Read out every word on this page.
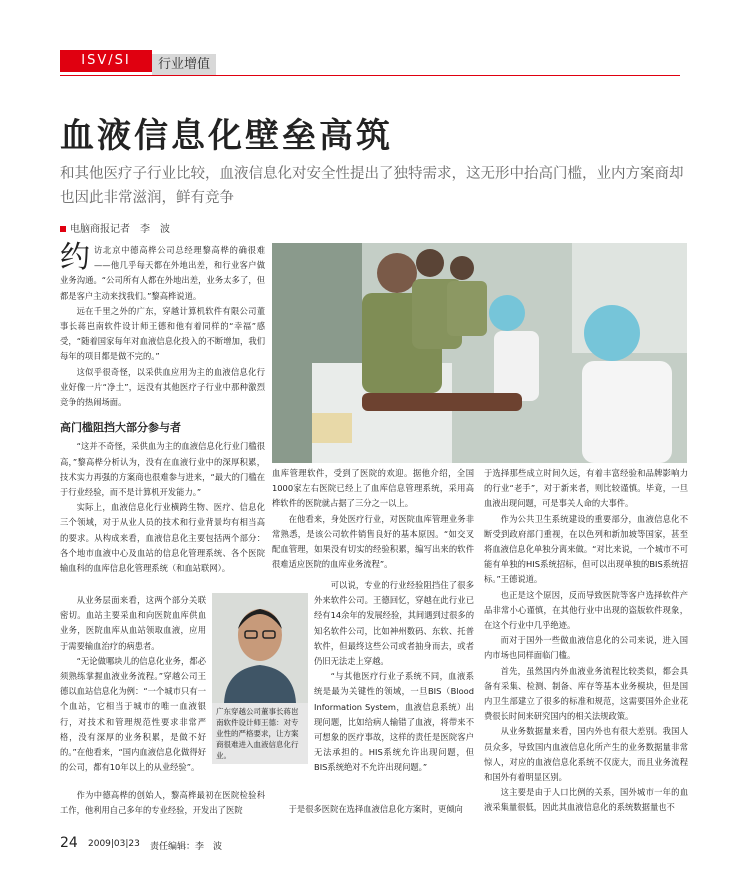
ISV/SI	行业增值
血液信息化壁垒高筑
和其他医疗子行业比较，血液信息化对安全性提出了独特需求，这无形中抬高门槛，业内方案商却也因此非常滋润，鲜有竞争
电脑商报记者　李　波

约访北京中德高桦公司总经理黎高桦的确很难——他几乎每天都在外地出差，和行业客户做业务沟通。“公司所有人都在外地出差，业务太多了，但都是客户主动来找我们。”黎高桦说道。

远在千里之外的广东，穿越计算机软件有限公司董事长蒋岜南软件设计师王德和他有着同样的“幸福”感受，“随着国家每年对血液信息化投入的不断增加，我们每年的项目都是做不完的。”

这似乎很奇怪，以采供血应用为主的血液信息化行业好像一片“净土”，远没有其他医疗子行业中那种激烈竞争的热闹场面。

高门槛阻挡大部分参与者

“这并不奇怪，采供血为主的血液信息化行业门槛很高，”黎高桦分析认为，没有在血液行业中的深厚积累，技术实力再强的方案商也很难参与进来，“最大的门槛在于行业经验，而不是计算机开发能力。”

实际上，血液信息化行业横跨生物、医疗、信息化三个领域，对于从业人员的技术和行业背景均有相当高的要求。从构成来看，血液信息化主要包括两个部分：各个地市血液中心及血站的信息化管理系统、各个医院输血科的血库信息化管理系统（和血站联网）。

从业务层面来看，这两个部分关联密切。血站主要采血和向医院血库供血业务，医院血库从血站领取血液，应用于需要输血治疗的病患者。

“无论做哪块儿的信息化业务，都必须熟练掌握血液业务流程。”穿越公司王德以血站信息化为例：“一个城市只有一个血站，它相当于城市的唯一血液银行，对技术和管理规范性要求非常严格，没有深厚的业务积累，是做不好的。”在他看来，“国内血液信息化做得好的公司，都有10年以上的从业经验”。

作为中德高桦的创始人，黎高桦最初在医院检验科工作，他利用自己多年的专业经验，开发出了医院

血库管理软件，受到了医院的欢迎。据他介绍，全国1000家左右医院已经上了血库信息管理系统，采用高桦软件的医院就占据了三分之一以上。

在他看来，身处医疗行业，对医院血库管理业务非常熟悉，是该公司软件销售良好的基本原因。“如交叉配血管理，如果没有切实的经验积累，编写出来的软件很难适应医院的血库业务流程”。

可以说，专业的行业经验阻挡住了很多外来软件公司。王德回忆，穿越在此行业已经有14余年的发展经验，其间遇到过很多的知名软件公司，比如神州数码、东软、托普软件，但最终这些公司或者抽身而去，或者仍旧无法走上穿越。

“与其他医疗行业子系统不同，血液系统是最为关键性的领域，一旦BIS（Blood Information System，血液信息系统）出现问题，比如给病人输错了血液，将带来不可想象的医疗事故，这样的责任是医院客户无法承担的。HIS系统允许出现问题，但BIS系统绝对不允许出现问题。”

于是很多医院在选择血液信息化方案时，更倾向

广东穿越公司董事长蒋岜南软件设计师王德：对专业性的严格要求，让方案商很难进入血液信息化行业。

于选择那些成立时间久远，有着丰富经验和品牌影响力的行业“老手”，对于新来者，则比较谨慎。毕竟，一旦血液出现问题，可是事关人命的大事件。

作为公共卫生系统建设的重要部分，血液信息化不断受到政府部门重视，在以色列和新加坡等国家，甚至将血液信息化单独分离来做。“对比来说，一个城市不可能有单独的HIS系统招标，但可以出现单独的BIS系统招标。”王德说道。

也正是这个原因，反而导致医院等客户选择软件产品非常小心谨慎，在其他行业中出现的盗版软件现象，在这个行业中几乎绝迹。

而对于国外一些做血液信息化的公司来说，进入国内市场也同样面临门槛。

首先，虽然国内外血液业务流程比较类似，都会具备有采集、检测、制备、库存等基本业务模块，但是国内卫生部建立了很多的标准和规范，这需要国外企业花费很长时间来研究国内的相关法规政策。

从业务数据量来看，国内外也有很大差别。我国人员众多，导致国内血液信息化所产生的业务数据量非常惊人，对应的血液信息化系统不仅庞大，而且业务流程和国外有着明显区别。

这主要是由于人口比例的关系，国外城市一年的血液采集量很低，因此其血液信息化的系统数据量也不

24 2009|03|23 责任编辑：李　波
